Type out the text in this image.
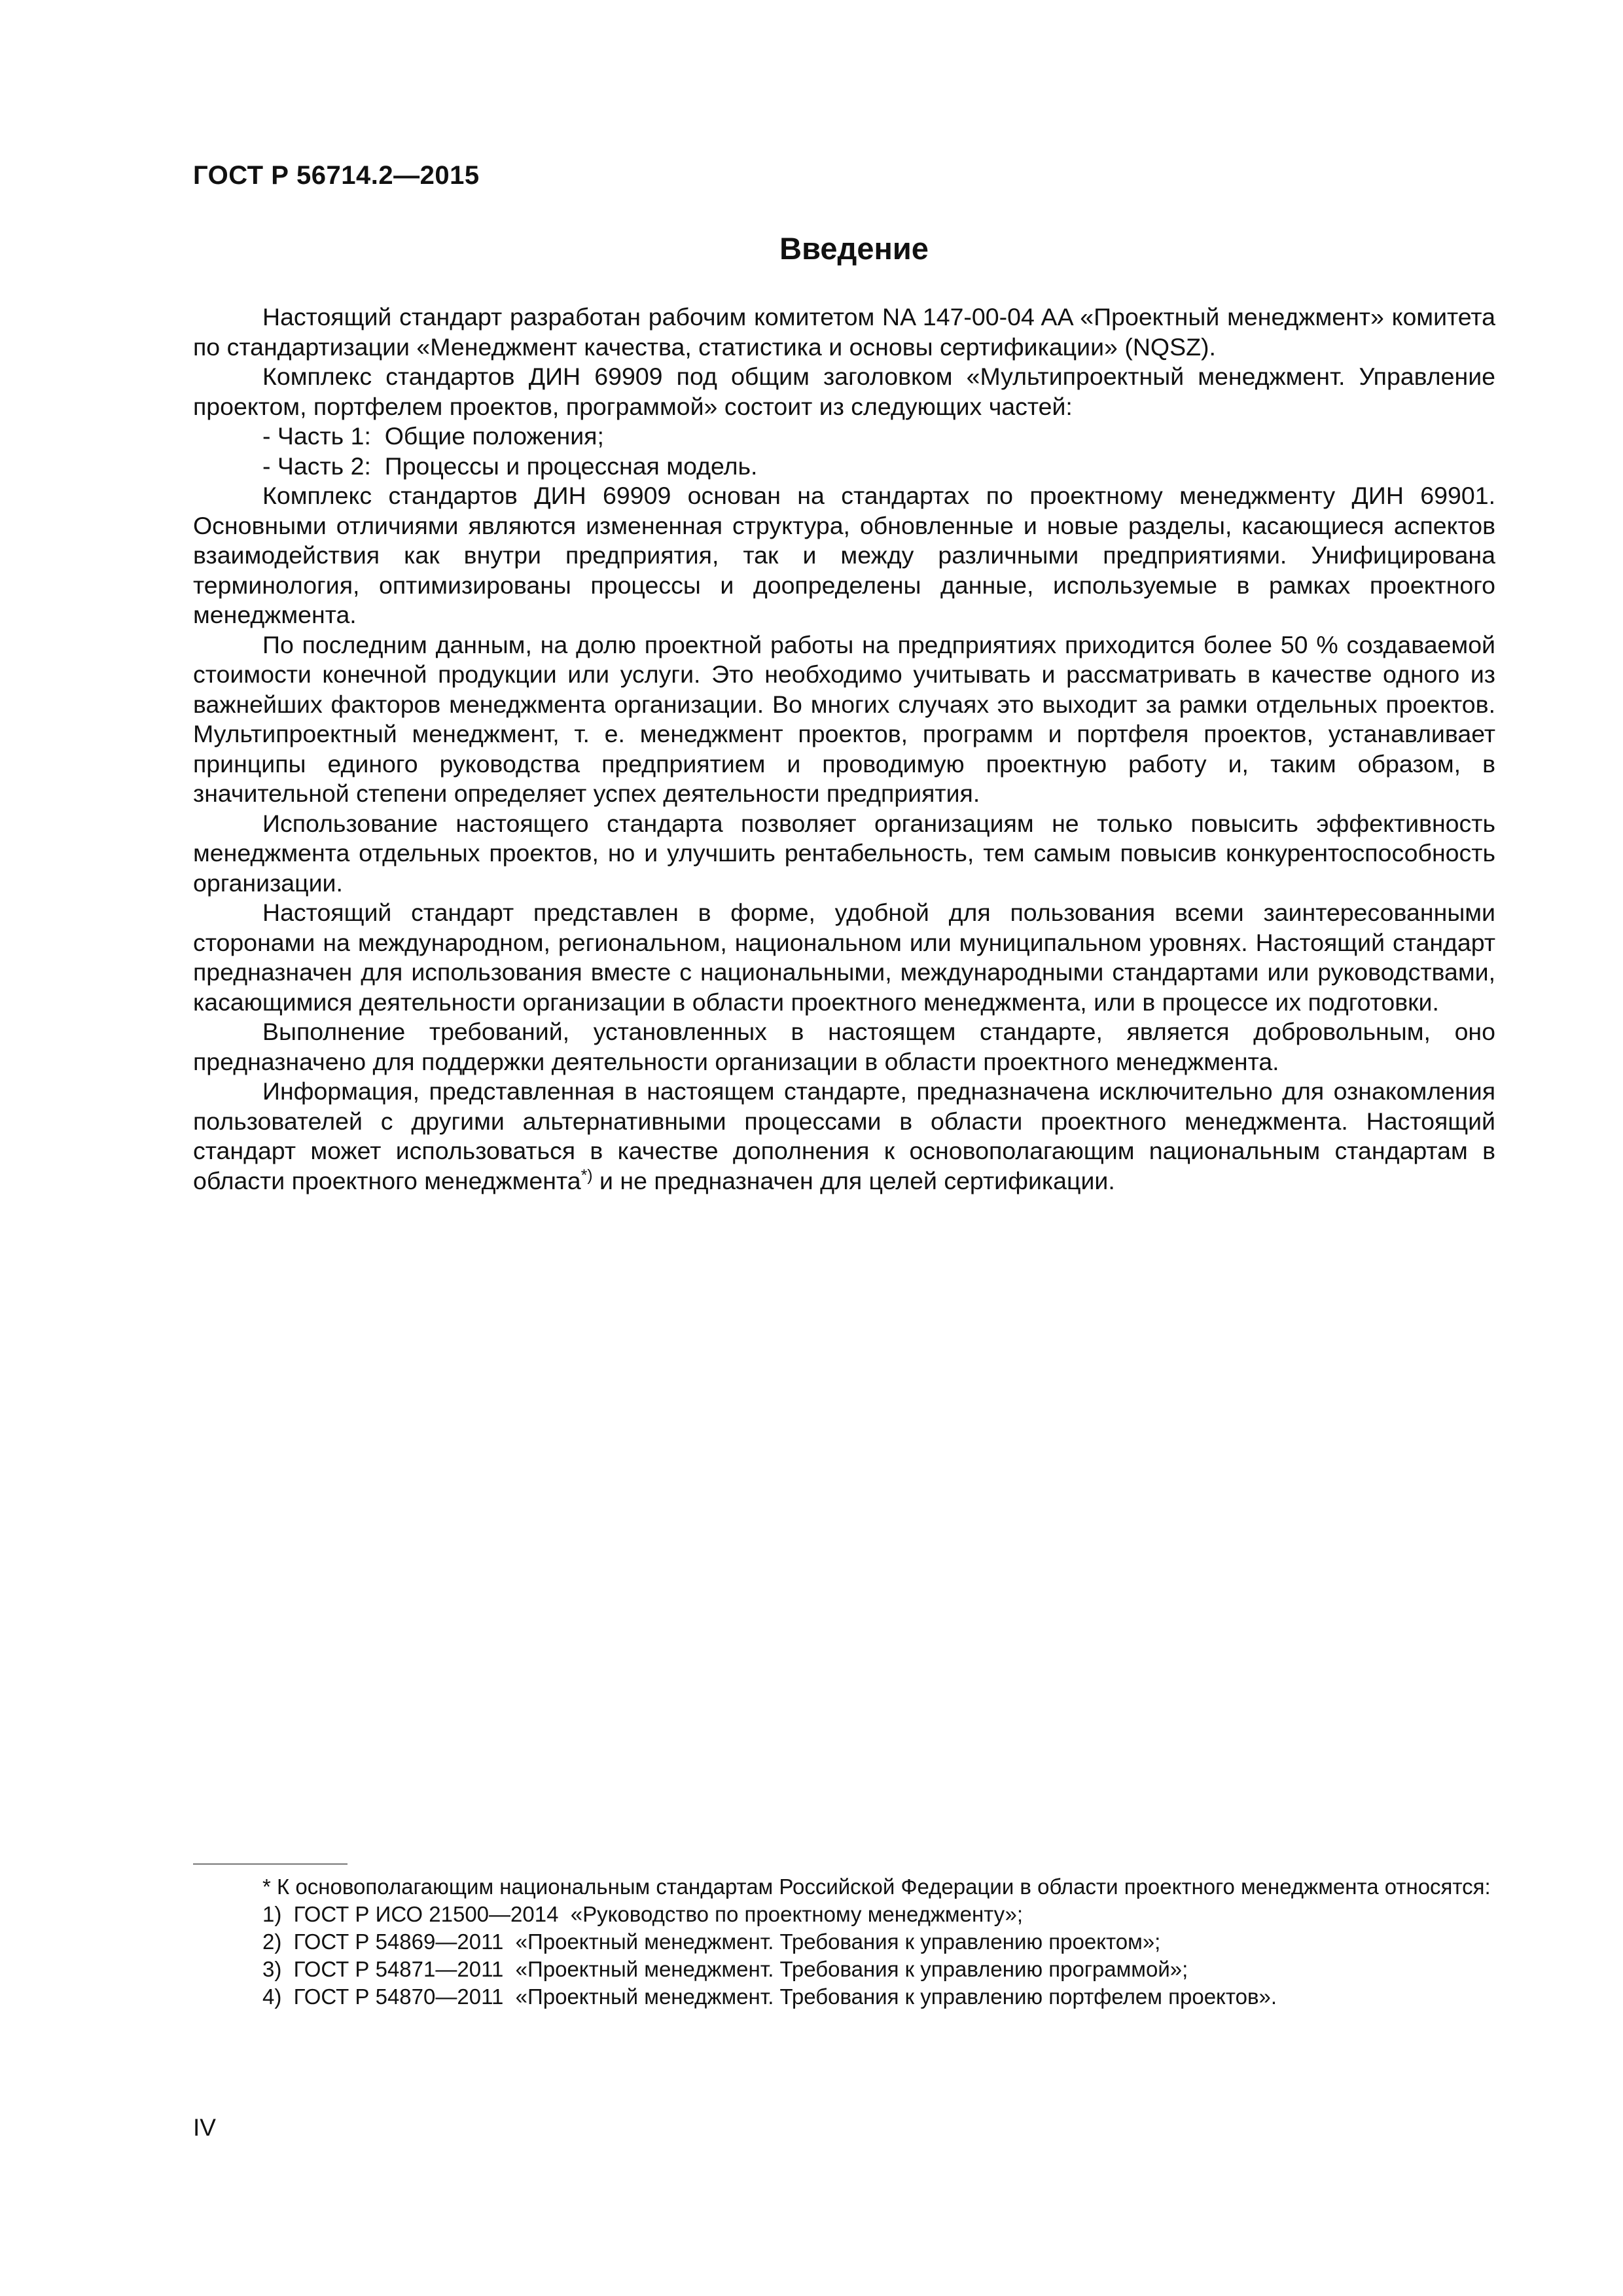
ГОСТ Р 56714.2—2015
Введение

Настоящий стандарт разработан рабочим комитетом NA 147-00-04 AA «Проектный менеджмент» комитета по стандартизации «Менеджмент качества, статистика и основы сертификации» (NQSZ).

Комплекс стандартов ДИН 69909 под общим заголовком «Мультипроектный менеджмент. Управление проектом, портфелем проектов, программой» состоит из следующих частей:

- Часть 1:  Общие положения;

- Часть 2:  Процессы и процессная модель.

Комплекс стандартов ДИН 69909 основан на стандартах по проектному менеджменту ДИН 69901. Основными отличиями являются измененная структура, обновленные и новые разделы, касающиеся аспектов взаимодействия как внутри предприятия, так и между различными предприятиями. Унифицирована терминология, оптимизированы процессы и доопределены данные, используемые в рамках проектного менеджмента.

По последним данным, на долю проектной работы на предприятиях приходится более 50 % создаваемой стоимости конечной продукции или услуги. Это необходимо учитывать и рассматривать в качестве одного из важнейших факторов менеджмента организации. Во многих случаях это выходит за рамки отдельных проектов. Мультипроектный менеджмент, т. е. менеджмент проектов, программ и портфеля проектов, устанавливает принципы единого руководства предприятием и проводимую проектную работу и, таким образом, в значительной степени определяет успех деятельности предприятия.

Использование настоящего стандарта позволяет организациям не только повысить эффективность менеджмента отдельных проектов, но и улучшить рентабельность, тем самым повысив конкурентоспособность организации.

Настоящий стандарт представлен в форме, удобной для пользования всеми заинтересованными сторонами на международном, региональном, национальном или муниципальном уровнях. Настоящий стандарт предназначен для использования вместе с национальными, международными стандартами или руководствами, касающимися деятельности организации в области проектного менеджмента, или в процессе их подготовки.

Выполнение требований, установленных в настоящем стандарте, является добровольным, оно предназначено для поддержки деятельности организации в области проектного менеджмента.

Информация, представленная в настоящем стандарте, предназначена исключительно для ознакомления пользователей с другими альтернативными процессами в области проектного менеджмента. Настоящий стандарт может использоваться в качестве дополнения к основополагающим nациональным стандартам в области проектного менеджмента*) и не предназначен для целей сертификации.

* К основополагающим национальным стандартам Российской Федерации в области проектного менеджмента относятся:

1)  ГОСТ Р ИСО 21500—2014  «Руководство по проектному менеджменту»;

2)  ГОСТ Р 54869—2011  «Проектный менеджмент. Требования к управлению проектом»;

3)  ГОСТ Р 54871—2011  «Проектный менеджмент. Требования к управлению программой»;

4)  ГОСТ Р 54870—2011  «Проектный менеджмент. Требования к управлению портфелем проектов».

IV
